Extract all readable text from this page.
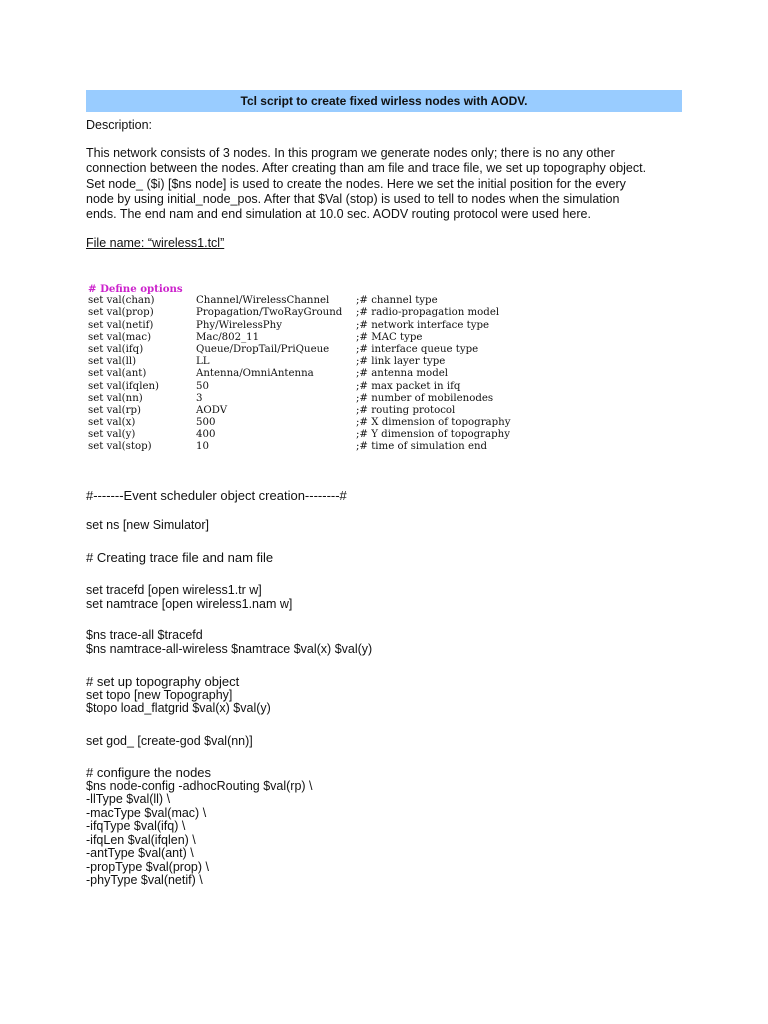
Tcl script to create fixed wirless nodes with AODV.

Description:

This network consists of 3 nodes. In this program we generate nodes only; there is no any other

connection between the nodes. After creating than am file and trace file, we set up topography object.

Set node_ ($i) [$ns node] is used to create the nodes. Here we set the initial position for the every

node by using initial_node_pos. After that $Val (stop) is used to tell to nodes when the simulation

ends. The end nam and end simulation at 10.0 sec. AODV routing protocol were used here.

File name: “wireless1.tcl”

# Define options
set val(chan)	Channel/WirelessChannel	;# channel type
set val(prop)	Propagation/TwoRayGround	;# radio-propagation model
set val(netif)	Phy/WirelessPhy	;# network interface type
set val(mac)	Mac/802_11	;# MAC type
set val(ifq)	Queue/DropTail/PriQueue	;# interface queue type
set val(ll)	LL	;# link layer type
set val(ant)	Antenna/OmniAntenna	;# antenna model
set val(ifqlen)	50	;# max packet in ifq
set val(nn)	3	;# number of mobilenodes
set val(rp)	AODV	;# routing protocol
set val(x)	500	;# X dimension of topography
set val(y)	400	;# Y dimension of topography
set val(stop)	10	;# time of simulation end
#-------Event scheduler object creation--------#
set ns [new Simulator]
# Creating trace file and nam file
set tracefd [open wireless1.tr w]
set namtrace [open wireless1.nam w]
$ns trace-all $tracefd
$ns namtrace-all-wireless $namtrace $val(x) $val(y)
# set up topography object
set topo [new Topography]
$topo load_flatgrid $val(x) $val(y)
set god_ [create-god $val(nn)]
# configure the nodes
$ns node-config -adhocRouting $val(rp) \
-llType $val(ll) \
-macType $val(mac) \
-ifqType $val(ifq) \
-ifqLen $val(ifqlen) \
-antType $val(ant) \
-propType $val(prop) \
-phyType $val(netif) \
